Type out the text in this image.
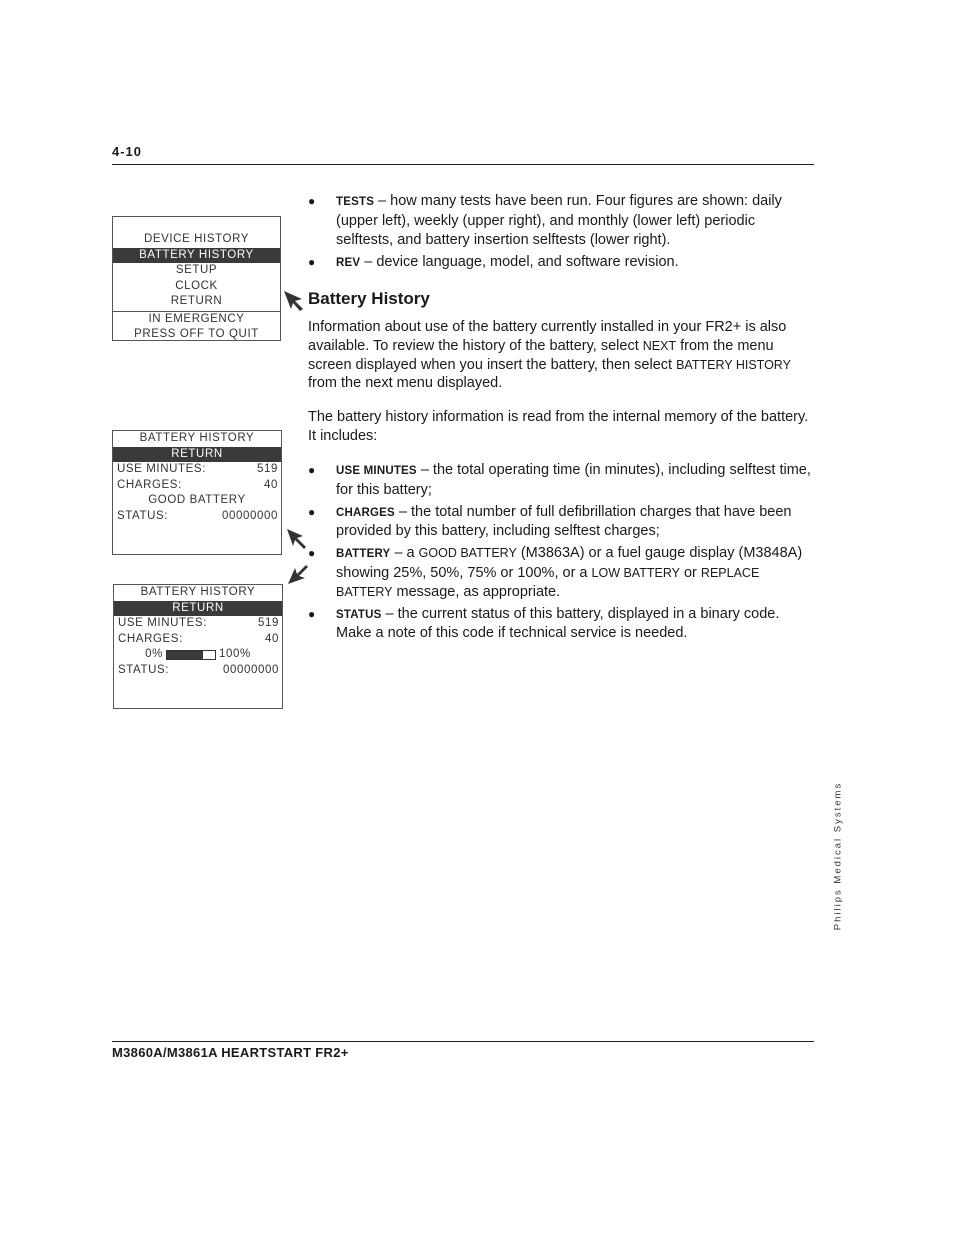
4-10
DEVICE HISTORY
BATTERY HISTORY
SETUP
CLOCK
RETURN
IN EMERGENCY
PRESS OFF TO QUIT
BATTERY HISTORY
RETURN
USE MINUTES:	519
CHARGES:	40
GOOD BATTERY
STATUS:	00000000
BATTERY HISTORY
RETURN
USE MINUTES:	519
CHARGES:	40
0%	100%
STATUS:	00000000
● TESTS – how many tests have been run. Four figures are shown: daily (upper left), weekly (upper right), and monthly (lower left) periodic selftests, and battery insertion selftests (lower right).
● REV – device language, model, and software revision.
Battery History
Information about use of the battery currently installed in your FR2+ is also available. To review the history of the battery, select NEXT from the menu screen displayed when you insert the battery, then select BATTERY HISTORY from the next menu displayed.
The battery history information is read from the internal memory of the battery. It includes:
● USE MINUTES – the total operating time (in minutes), including selftest time, for this battery;
● CHARGES – the total number of full defibrillation charges that have been provided by this battery, including selftest charges;
● BATTERY – a GOOD BATTERY (M3863A) or a fuel gauge display (M3848A) showing 25%, 50%, 75% or 100%, or a LOW BATTERY or REPLACE BATTERY message, as appropriate.
● STATUS – the current status of this battery, displayed in a binary code. Make a note of this code if technical service is needed.
Philips Medical Systems
M3860A/M3861A HEARTSTART FR2+
